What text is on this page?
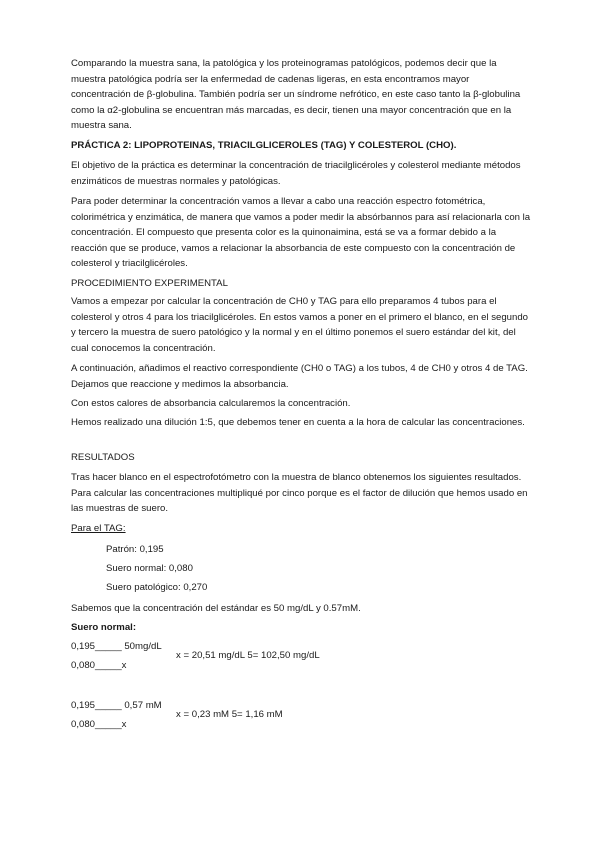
Comparando la muestra sana, la patológica y los proteinogramas patológicos, podemos decir que la muestra patológica podría ser la enfermedad de cadenas ligeras, en esta encontramos mayor concentración de β-globulina. También podría ser un síndrome nefrótico, en este caso tanto la β-globulina como la α2-globulina se encuentran más marcadas, es decir, tienen una mayor concentración que en la muestra sana.

PRÁCTICA 2: LIPOPROTEINAS, TRIACILGLICEROLES (TAG) Y COLESTEROL (CHO).

El objetivo de la práctica es determinar la concentración de triacilglicéroles y colesterol mediante métodos enzimáticos de muestras normales y patológicas.

Para poder determinar la concentración vamos a llevar a cabo una reacción espectro fotométrica, colorimétrica y enzimática, de manera que vamos a poder medir la absórbannos para así relacionarla con la concentración. El compuesto que presenta color es la quinonaimina, está se va a formar debido a la reacción que se produce, vamos a relacionar la absorbancia de este compuesto con la concentración de colesterol y triacilglicéroles.

PROCEDIMIENTO EXPERIMENTAL

Vamos a empezar por calcular la concentración de CH0 y TAG para ello preparamos 4 tubos para el colesterol y otros 4 para los triacilglicéroles. En estos vamos a poner en el primero el blanco, en el segundo y tercero la muestra de suero patológico y la normal y en el último ponemos el suero estándar del kit, del cual conocemos la concentración.

A continuación, añadimos el reactivo correspondiente (CH0 o TAG) a los tubos, 4 de CH0 y otros 4 de TAG. Dejamos que reaccione y medimos la absorbancia.

Con estos calores de absorbancia calcularemos la concentración.

Hemos realizado una dilución 1:5, que debemos tener en cuenta a la hora de calcular las concentraciones.

RESULTADOS

Tras hacer blanco en el espectrofotómetro con la muestra de blanco obtenemos los siguientes resultados. Para calcular las concentraciones multipliqué por cinco porque es el factor de dilución que hemos usado en las muestras de suero.

Para el TAG:

Patrón: 0,195

Suero normal: 0,080

Suero patológico: 0,270

Sabemos que la concentración del estándar es 50 mg/dL y 0.57mM.

Suero normal:

0,195_____ 50mg/dL

0,080_____x

x = 20,51 mg/dL 5= 102,50 mg/dL

0,195_____ 0,57 mM

0,080_____x

x = 0,23 mM 5= 1,16 mM
